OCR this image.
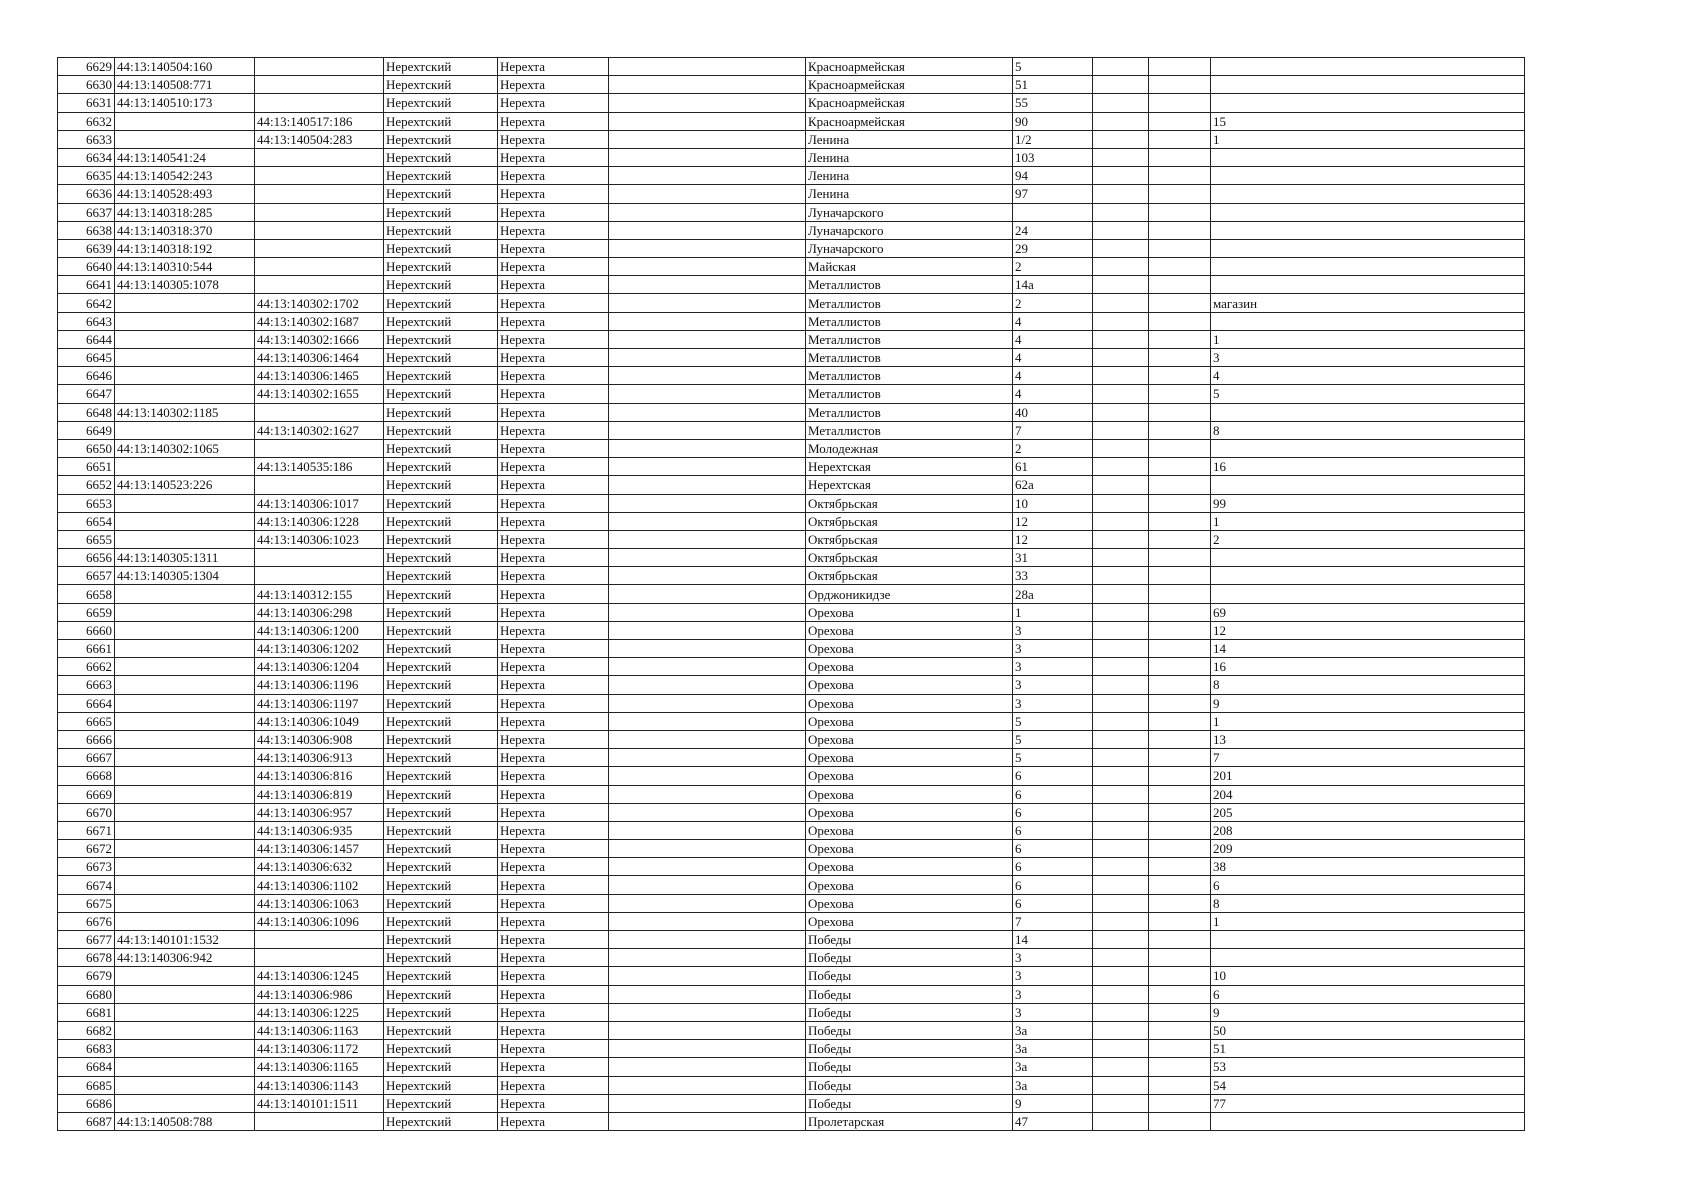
6629	44:13:140504:160		Нерехтский	Нерехта		Красноармейская	5			
6630	44:13:140508:771		Нерехтский	Нерехта		Красноармейская	51			
6631	44:13:140510:173		Нерехтский	Нерехта		Красноармейская	55			
6632		44:13:140517:186	Нерехтский	Нерехта		Красноармейская	90			15
6633		44:13:140504:283	Нерехтский	Нерехта		Ленина	1/2			1
6634	44:13:140541:24		Нерехтский	Нерехта		Ленина	103			
6635	44:13:140542:243		Нерехтский	Нерехта		Ленина	94			
6636	44:13:140528:493		Нерехтский	Нерехта		Ленина	97			
6637	44:13:140318:285		Нерехтский	Нерехта		Луначарского				
6638	44:13:140318:370		Нерехтский	Нерехта		Луначарского	24			
6639	44:13:140318:192		Нерехтский	Нерехта		Луначарского	29			
6640	44:13:140310:544		Нерехтский	Нерехта		Майская	2			
6641	44:13:140305:1078		Нерехтский	Нерехта		Металлистов	14а			
6642		44:13:140302:1702	Нерехтский	Нерехта		Металлистов	2			магазин
6643		44:13:140302:1687	Нерехтский	Нерехта		Металлистов	4			
6644		44:13:140302:1666	Нерехтский	Нерехта		Металлистов	4			1
6645		44:13:140306:1464	Нерехтский	Нерехта		Металлистов	4			3
6646		44:13:140306:1465	Нерехтский	Нерехта		Металлистов	4			4
6647		44:13:140302:1655	Нерехтский	Нерехта		Металлистов	4			5
6648	44:13:140302:1185		Нерехтский	Нерехта		Металлистов	40			
6649		44:13:140302:1627	Нерехтский	Нерехта		Металлистов	7			8
6650	44:13:140302:1065		Нерехтский	Нерехта		Молодежная	2			
6651		44:13:140535:186	Нерехтский	Нерехта		Нерехтская	61			16
6652	44:13:140523:226		Нерехтский	Нерехта		Нерехтская	62а			
6653		44:13:140306:1017	Нерехтский	Нерехта		Октябрьская	10			99
6654		44:13:140306:1228	Нерехтский	Нерехта		Октябрьская	12			1
6655		44:13:140306:1023	Нерехтский	Нерехта		Октябрьская	12			2
6656	44:13:140305:1311		Нерехтский	Нерехта		Октябрьская	31			
6657	44:13:140305:1304		Нерехтский	Нерехта		Октябрьская	33			
6658		44:13:140312:155	Нерехтский	Нерехта		Орджоникидзе	28а			
6659		44:13:140306:298	Нерехтский	Нерехта		Орехова	1			69
6660		44:13:140306:1200	Нерехтский	Нерехта		Орехова	3			12
6661		44:13:140306:1202	Нерехтский	Нерехта		Орехова	3			14
6662		44:13:140306:1204	Нерехтский	Нерехта		Орехова	3			16
6663		44:13:140306:1196	Нерехтский	Нерехта		Орехова	3			8
6664		44:13:140306:1197	Нерехтский	Нерехта		Орехова	3			9
6665		44:13:140306:1049	Нерехтский	Нерехта		Орехова	5			1
6666		44:13:140306:908	Нерехтский	Нерехта		Орехова	5			13
6667		44:13:140306:913	Нерехтский	Нерехта		Орехова	5			7
6668		44:13:140306:816	Нерехтский	Нерехта		Орехова	6			201
6669		44:13:140306:819	Нерехтский	Нерехта		Орехова	6			204
6670		44:13:140306:957	Нерехтский	Нерехта		Орехова	6			205
6671		44:13:140306:935	Нерехтский	Нерехта		Орехова	6			208
6672		44:13:140306:1457	Нерехтский	Нерехта		Орехова	6			209
6673		44:13:140306:632	Нерехтский	Нерехта		Орехова	6			38
6674		44:13:140306:1102	Нерехтский	Нерехта		Орехова	6			6
6675		44:13:140306:1063	Нерехтский	Нерехта		Орехова	6			8
6676		44:13:140306:1096	Нерехтский	Нерехта		Орехова	7			1
6677	44:13:140101:1532		Нерехтский	Нерехта		Победы	14			
6678	44:13:140306:942		Нерехтский	Нерехта		Победы	3			
6679		44:13:140306:1245	Нерехтский	Нерехта		Победы	3			10
6680		44:13:140306:986	Нерехтский	Нерехта		Победы	3			6
6681		44:13:140306:1225	Нерехтский	Нерехта		Победы	3			9
6682		44:13:140306:1163	Нерехтский	Нерехта		Победы	3а			50
6683		44:13:140306:1172	Нерехтский	Нерехта		Победы	3а			51
6684		44:13:140306:1165	Нерехтский	Нерехта		Победы	3а			53
6685		44:13:140306:1143	Нерехтский	Нерехта		Победы	3а			54
6686		44:13:140101:1511	Нерехтский	Нерехта		Победы	9			77
6687	44:13:140508:788		Нерехтский	Нерехта		Пролетарская	47			
